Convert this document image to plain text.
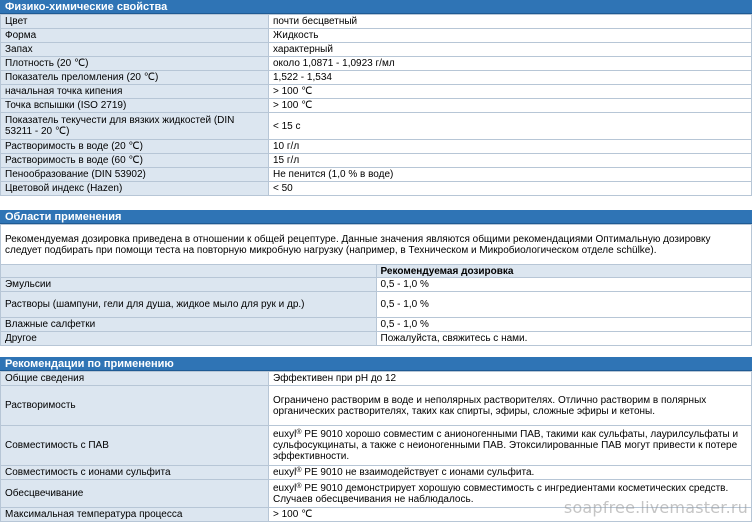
Физико-химические свойства
Цвет	почти бесцветный
Форма	Жидкость
Запах	характерный
Плотность (20 ℃)	около 1,0871 - 1,0923 г/мл
Показатель преломления (20 ℃)	1,522 - 1,534
начальная точка кипения	> 100 ℃
Точка вспышки (ISO 2719)	> 100 ℃
Показатель текучести для вязких жидкостей (DIN 53211 - 20 ℃)	< 15 с
Растворимость в воде (20 ℃)	10 г/л
Растворимость в воде (60 ℃)	15 г/л
Пенообразование (DIN 53902)	Не пенится (1,0 % в воде)
Цветовой индекс (Hazen)	< 50
Области применения
Рекомендуемая дозировка приведена в отношении к общей рецептуре. Данные значения являются общими рекомендациями Оптимальную дозировку следует подбирать при помощи теста на повторную микробную нагрузку (например, в Техническом и Микробиологическом отделе schülke).	
	Рекомендуемая дозировка
Эмульсии	0,5 - 1,0 %
Растворы (шампуни, гели для душа, жидкое мыло для рук и др.)	0,5 - 1,0 %
Влажные салфетки	0,5 - 1,0 %
Другое	Пожалуйста, свяжитесь с нами.
Рекомендации по применению
Общие сведения	Эффективен при pH до 12
Растворимость	Ограничено растворим в воде и неполярных растворителях. Отлично растворим в полярных органических растворителях, таких как спирты, эфиры, сложные эфиры и кетоны.
Совместимость с ПАВ	euxyl® PE 9010 хорошо совместим с анионогенными ПАВ, такими как сульфаты, лаурилсульфаты и сульфосукцинаты, а также с неионогенными ПАВ. Этоксилированные ПАВ могут привести к потере эффективности.
Совместимость с ионами сульфита	euxyl® PE 9010 не взаимодействует с ионами сульфита.
Обесцвечивание	euxyl® PE 9010 демонстрирует хорошую совместимость с ингредиентами косметических средств. Случаев обесцвечивания не наблюдалось.
Максимальная температура процесса	> 100 ℃	soapfree.livemaster.ru
